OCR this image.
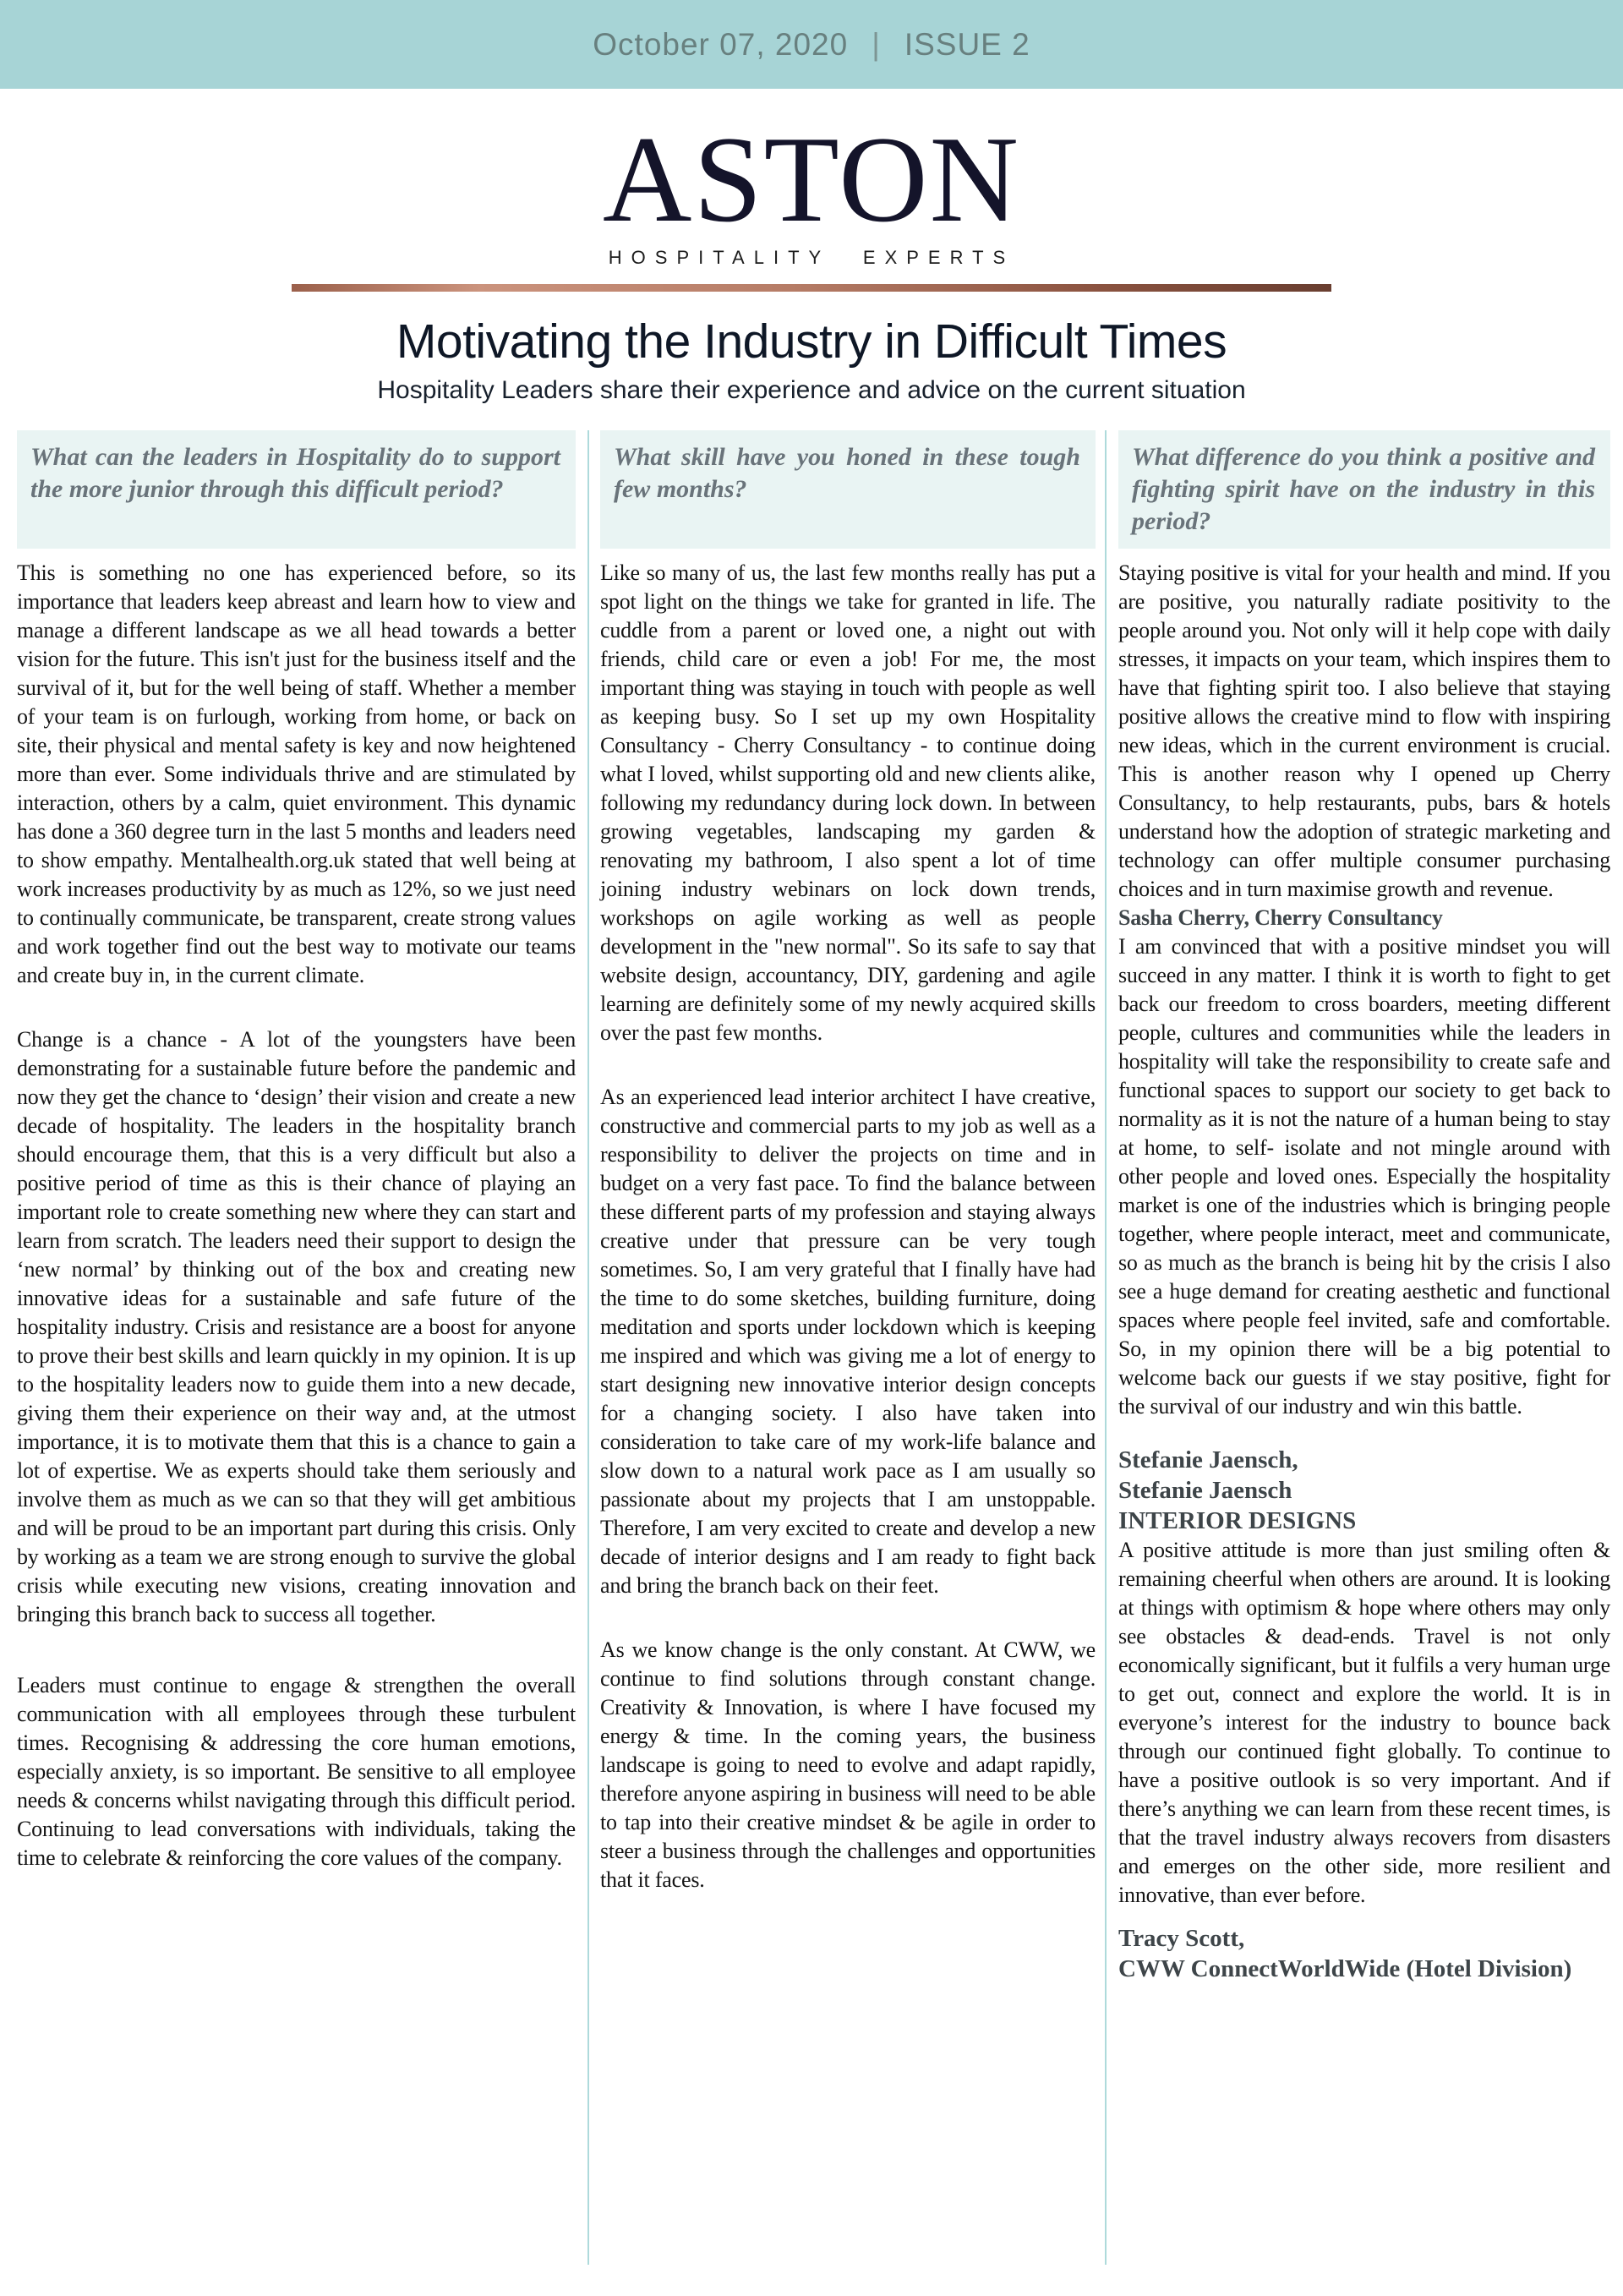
October 07, 2020 | ISSUE 2
ASTON
HOSPITALITY EXPERTS
Motivating the Industry in Difficult Times
Hospitality Leaders share their experience and advice on the current situation
What can the leaders in Hospitality do to support the more junior through this difficult period?

This is something no one has experienced before, so its importance that leaders keep abreast and learn how to view and manage a different landscape as we all head towards a better vision for the future. This isn't just for the business itself and the survival of it, but for the well being of staff. Whether a member of your team is on furlough, working from home, or back on site, their physical and mental safety is key and now heightened more than ever. Some individuals thrive and are stimulated by interaction, others by a calm, quiet environment. This dynamic has done a 360 degree turn in the last 5 months and leaders need to show empathy. Mentalhealth.org.uk stated that well being at work increases productivity by as much as 12%, so we just need to continually communicate, be transparent, create strong values and work together find out the best way to motivate our teams and create buy in, in the current climate.

Change is a chance - A lot of the youngsters have been demonstrating for a sustainable future before the pandemic and now they get the chance to ‘design’ their vision and create a new decade of hospitality. The leaders in the hospitality branch should encourage them, that this is a very difficult but also a positive period of time as this is their chance of playing an important role to create something new where they can start and learn from scratch. The leaders need their support to design the ‘new normal’ by thinking out of the box and creating new innovative ideas for a sustainable and safe future of the hospitality industry. Crisis and resistance are a boost for anyone to prove their best skills and learn quickly in my opinion. It is up to the hospitality leaders now to guide them into a new decade, giving them their experience on their way and, at the utmost importance, it is to motivate them that this is a chance to gain a lot of expertise. We as experts should take them seriously and involve them as much as we can so that they will get ambitious and will be proud to be an important part during this crisis. Only by working as a team we are strong enough to survive the global crisis while executing new visions, creating innovation and bringing this branch back to success all together.

Leaders must continue to engage & strengthen the overall communication with all employees through these turbulent times. Recognising & addressing the core human emotions, especially anxiety, is so important. Be sensitive to all employee needs & concerns whilst navigating through this difficult period. Continuing to lead conversations with individuals, taking the time to celebrate & reinforcing the core values of the company.

What skill have you honed in these tough few months?

Like so many of us, the last few months really has put a spot light on the things we take for granted in life. The cuddle from a parent or loved one, a night out with friends, child care or even a job! For me, the most important thing was staying in touch with people as well as keeping busy. So I set up my own Hospitality Consultancy - Cherry Consultancy - to continue doing what I loved, whilst supporting old and new clients alike, following my redundancy during lock down. In between growing vegetables, landscaping my garden & renovating my bathroom, I also spent a lot of time joining industry webinars on lock down trends, workshops on agile working as well as people development in the "new normal". So its safe to say that website design, accountancy, DIY, gardening and agile learning are definitely some of my newly acquired skills over the past few months.

As an experienced lead interior architect I have creative, constructive and commercial parts to my job as well as a responsibility to deliver the projects on time and in budget on a very fast pace. To find the balance between these different parts of my profession and staying always creative under that pressure can be very tough sometimes. So, I am very grateful that I finally have had the time to do some sketches, building furniture, doing meditation and sports under lockdown which is keeping me inspired and which was giving me a lot of energy to start designing new innovative interior design concepts for a changing society. I also have taken into consideration to take care of my work-life balance and slow down to a natural work pace as I am usually so passionate about my projects that I am unstoppable. Therefore, I am very excited to create and develop a new decade of interior designs and I am ready to fight back and bring the branch back on their feet.

As we know change is the only constant. At CWW, we continue to find solutions through constant change. Creativity & Innovation, is where I have focused my energy & time. In the coming years, the business landscape is going to need to evolve and adapt rapidly, therefore anyone aspiring in business will need to be able to tap into their creative mindset & be agile in order to steer a business through the challenges and opportunities that it faces.

What difference do you think a positive and fighting spirit have on the industry in this period?

Staying positive is vital for your health and mind. If you are positive, you naturally radiate positivity to the people around you. Not only will it help cope with daily stresses, it impacts on your team, which inspires them to have that fighting spirit too. I also believe that staying positive allows the creative mind to flow with inspiring new ideas, which in the current environment is crucial. This is another reason why I opened up Cherry Consultancy, to help restaurants, pubs, bars & hotels understand how the adoption of strategic marketing and technology can offer multiple consumer purchasing choices and in turn maximise growth and revenue.

Sasha Cherry, Cherry Consultancy

I am convinced that with a positive mindset you will succeed in any matter. I think it is worth to fight to get back our freedom to cross boarders, meeting different people, cultures and communities while the leaders in hospitality will take the responsibility to create safe and functional spaces to support our society to get back to normality as it is not the nature of a human being to stay at home, to self- isolate and not mingle around with other people and loved ones. Especially the hospitality market is one of the industries which is bringing people together, where people interact, meet and communicate, so as much as the branch is being hit by the crisis I also see a huge demand for creating aesthetic and functional spaces where people feel invited, safe and comfortable. So, in my opinion there will be a big potential to welcome back our guests if we stay positive, fight for the survival of our industry and win this battle.

Stefanie Jaensch,
Stefanie Jaensch
INTERIOR DESIGNS

A positive attitude is more than just smiling often & remaining cheerful when others are around. It is looking at things with optimism & hope where others may only see obstacles & dead-ends. Travel is not only economically significant, but it fulfils a very human urge to get out, connect and explore the world. It is in everyone’s interest for the industry to bounce back through our continued fight globally. To continue to have a positive outlook is so very important. And if there’s anything we can learn from these recent times, is that the travel industry always recovers from disasters and emerges on the other side, more resilient and innovative, than ever before.

Tracy Scott,
CWW ConnectWorldWide (Hotel Division)
